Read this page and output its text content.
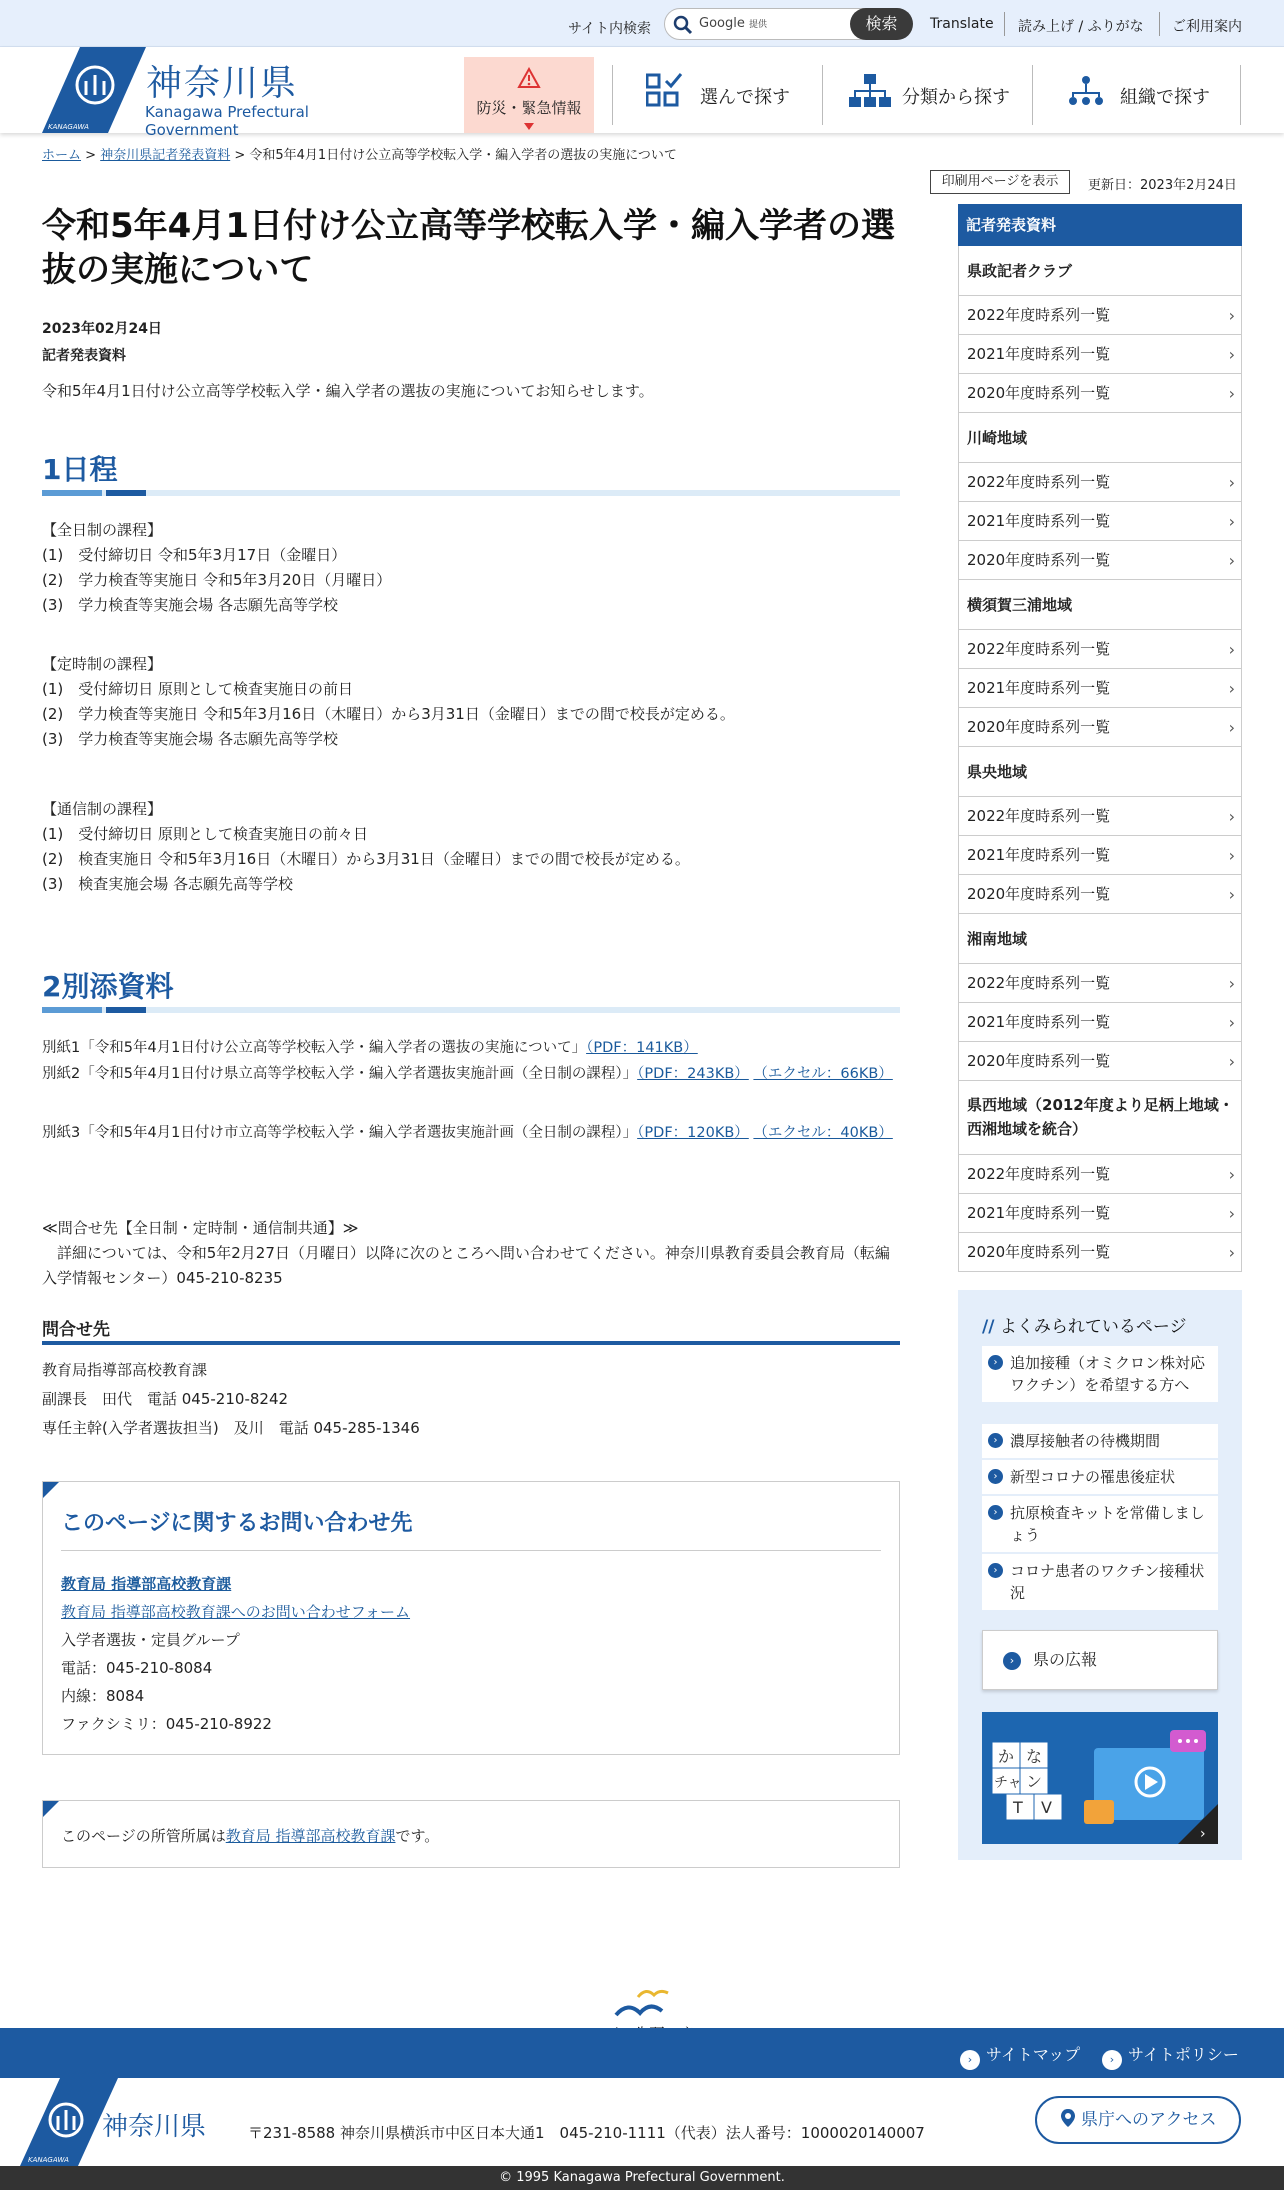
サイト内検索	Google 提供	検索	Translate 読み上げ / ふりがな ご利用案内
KANAGAWA
神奈川県
Kanagawa Prefectural Government
防災・緊急情報	選んで探す	分類から探す	組織で探す
ホーム > 神奈川県記者発表資料 > 令和5年4月1日付け公立高等学校転入学・編入学者の選抜の実施について
印刷用ページを表示	更新日：2023年2月24日
令和5年4月1日付け公立高等学校転入学・編入学者の選抜の実施について
2023年02月24日
記者発表資料
令和5年4月1日付け公立高等学校転入学・編入学者の選抜の実施についてお知らせします。
1日程
【全日制の課程】
(1)　受付締切日 令和5年3月17日（金曜日）
(2)　学力検査等実施日 令和5年3月20日（月曜日）
(3)　学力検査等実施会場 各志願先高等学校
【定時制の課程】
(1)　受付締切日 原則として検査実施日の前日
(2)　学力検査等実施日 令和5年3月16日（木曜日）から3月31日（金曜日）までの間で校長が定める。
(3)　学力検査等実施会場 各志願先高等学校
【通信制の課程】
(1)　受付締切日 原則として検査実施日の前々日
(2)　検査実施日 令和5年3月16日（木曜日）から3月31日（金曜日）までの間で校長が定める。
(3)　検査実施会場 各志願先高等学校
2別添資料
別紙1「令和5年4月1日付け公立高等学校転入学・編入学者の選抜の実施について」（PDF：141KB）
別紙2「令和5年4月1日付け県立高等学校転入学・編入学者選抜実施計画（全日制の課程）」（PDF：243KB） （エクセル：66KB）
別紙3「令和5年4月1日付け市立高等学校転入学・編入学者選抜実施計画（全日制の課程）」（PDF：120KB） （エクセル：40KB）
≪問合せ先【全日制・定時制・通信制共通】≫
　詳細については、令和5年2月27日（月曜日）以降に次のところへ問い合わせてください。神奈川県教育委員会教育局（転編入学情報センター）045-210-8235
問合せ先
教育局指導部高校教育課
副課長　田代　電話 045-210-8242
専任主幹(入学者選抜担当)　及川　電話 045-285-1346
このページに関するお問い合わせ先
教育局 指導部高校教育課
教育局 指導部高校教育課へのお問い合わせフォーム
入学者選抜・定員グループ
電話：045-210-8084
内線：8084
ファクシミリ：045-210-8922
このページの所管所属は教育局 指導部高校教育課です。
記者発表資料
県政記者クラブ
2022年度時系列一覧	›
2021年度時系列一覧	›
2020年度時系列一覧	›
川崎地域
2022年度時系列一覧	›
2021年度時系列一覧	›
2020年度時系列一覧	›
横須賀三浦地域
2022年度時系列一覧	›
2021年度時系列一覧	›
2020年度時系列一覧	›
県央地域
2022年度時系列一覧	›
2021年度時系列一覧	›
2020年度時系列一覧	›
湘南地域
2022年度時系列一覧	›
2021年度時系列一覧	›
2020年度時系列一覧	›
県西地域（2012年度より足柄上地域・西湘地域を統合）
2022年度時系列一覧	›
2021年度時系列一覧	›
2020年度時系列一覧	›
// よくみられているページ
› 追加接種（オミクロン株対応ワクチン）を希望する方へ
› 濃厚接触者の待機期間
› 新型コロナの罹患後症状
› 抗原検査キットを常備しましょう
› コロナ患者のワクチン接種状況
›	県の広報
か な
チャ ン
T V
›
› サイトマップ	› サイトポリシー
KANAGAWA
神奈川県	〒231-8588 神奈川県横浜市中区日本大通1　045-210-1111（代表）法人番号：1000020140007
県庁へのアクセス
© 1995 Kanagawa Prefectural Government.
